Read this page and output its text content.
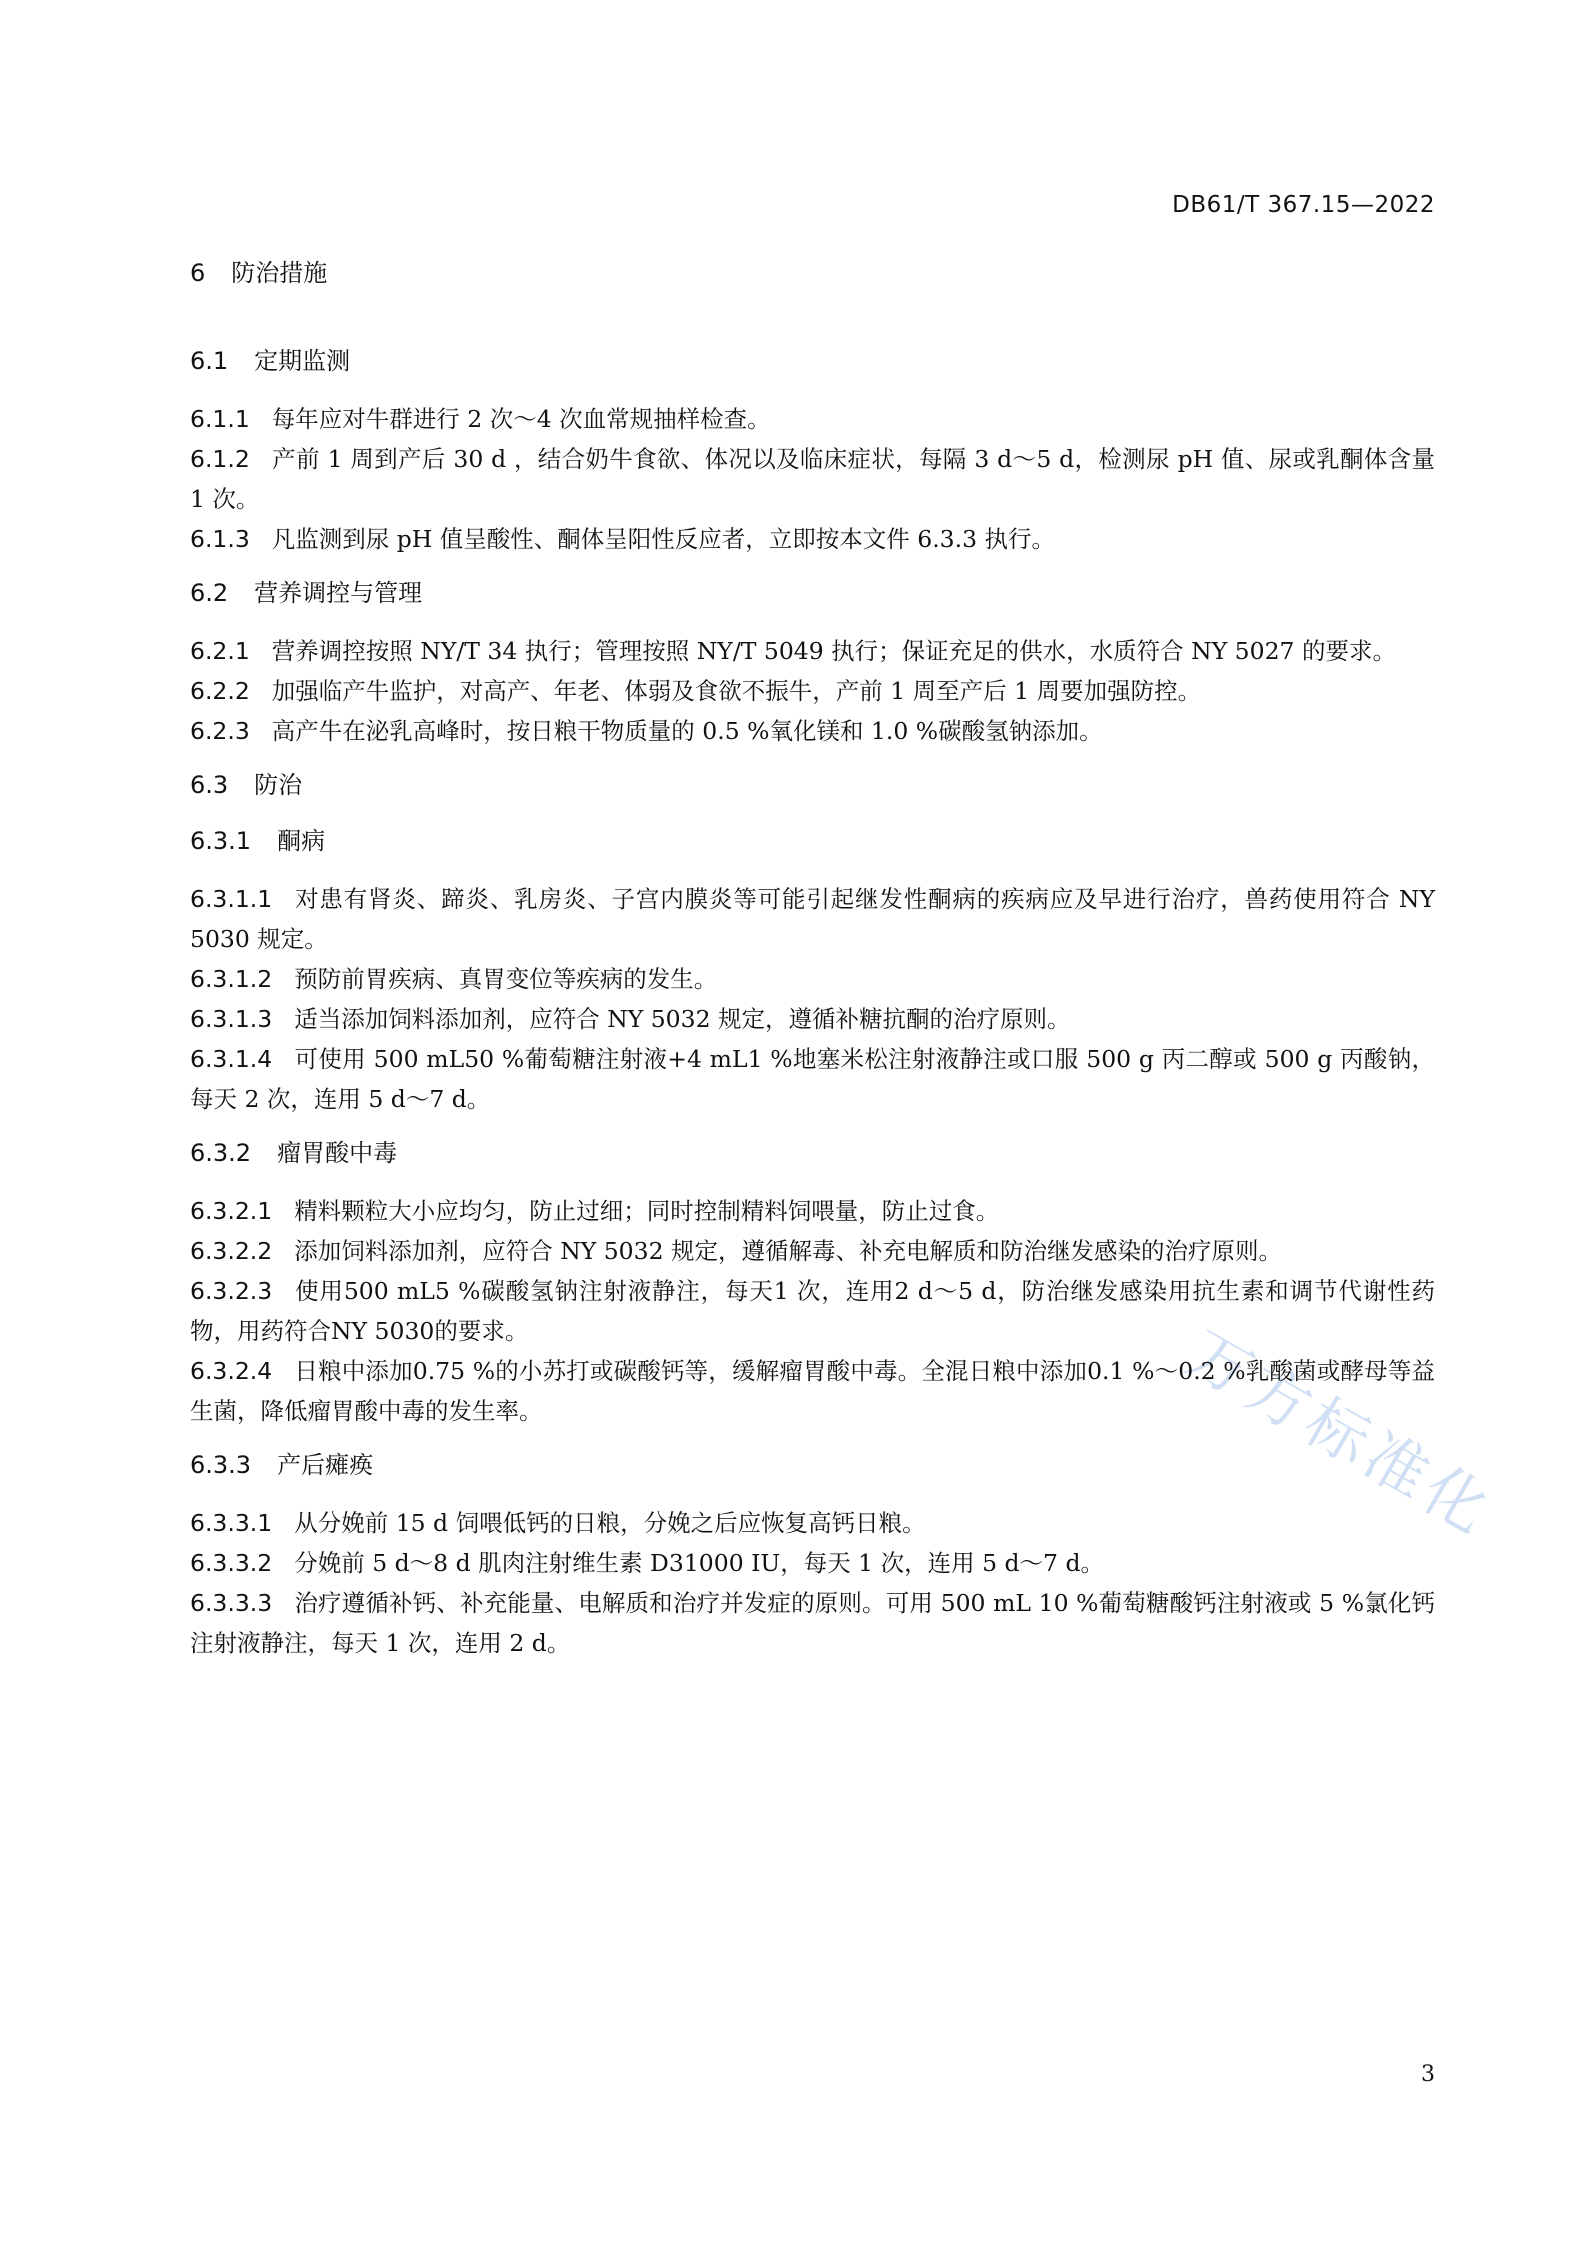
DB61/T 367.15—2022
万方标准化
6 防治措施
6.1 定期监测

6.1.1 每年应对牛群进行 2 次～4 次血常规抽样检查。

6.1.2 产前 1 周到产后 30 d ，结合奶牛食欲、体况以及临床症状，每隔 3 d～5 d，检测尿 pH 值、尿或乳酮体含量 1 次。

6.1.3 凡监测到尿 pH 值呈酸性、酮体呈阳性反应者，立即按本文件 6.3.3 执行。

6.2 营养调控与管理

6.2.1 营养调控按照 NY/T 34 执行；管理按照 NY/T 5049 执行；保证充足的供水，水质符合 NY 5027 的要求。

6.2.2 加强临产牛监护，对高产、年老、体弱及食欲不振牛，产前 1 周至产后 1 周要加强防控。

6.2.3 高产牛在泌乳高峰时，按日粮干物质量的 0.5 %氧化镁和 1.0 %碳酸氢钠添加。

6.3 防治
6.3.1 酮病

6.3.1.1 对患有肾炎、蹄炎、乳房炎、子宫内膜炎等可能引起继发性酮病的疾病应及早进行治疗，兽药使用符合 NY 5030 规定。

6.3.1.2 预防前胃疾病、真胃变位等疾病的发生。

6.3.1.3 适当添加饲料添加剂，应符合 NY 5032 规定，遵循补糖抗酮的治疗原则。

6.3.1.4 可使用 500 mL50 %葡萄糖注射液+4 mL1 %地塞米松注射液静注或口服 500 g 丙二醇或 500 g 丙酸钠，每天 2 次，连用 5 d～7 d。

6.3.2 瘤胃酸中毒

6.3.2.1 精料颗粒大小应均匀，防止过细；同时控制精料饲喂量，防止过食。

6.3.2.2 添加饲料添加剂，应符合 NY 5032 规定，遵循解毒、补充电解质和防治继发感染的治疗原则。

6.3.2.3 使用500 mL5 %碳酸氢钠注射液静注，每天1 次，连用2 d～5 d，防治继发感染用抗生素和调节代谢性药物，用药符合NY 5030的要求。

6.3.2.4 日粮中添加0.75 %的小苏打或碳酸钙等，缓解瘤胃酸中毒。全混日粮中添加0.1 %～0.2 %乳酸菌或酵母等益生菌，降低瘤胃酸中毒的发生率。

6.3.3 产后瘫痪

6.3.3.1 从分娩前 15 d 饲喂低钙的日粮，分娩之后应恢复高钙日粮。

6.3.3.2 分娩前 5 d～8 d 肌肉注射维生素 D31000 IU，每天 1 次，连用 5 d～7 d。

6.3.3.3 治疗遵循补钙、补充能量、电解质和治疗并发症的原则。可用 500 mL 10 %葡萄糖酸钙注射液或 5 %氯化钙注射液静注，每天 1 次，连用 2 d。

3
